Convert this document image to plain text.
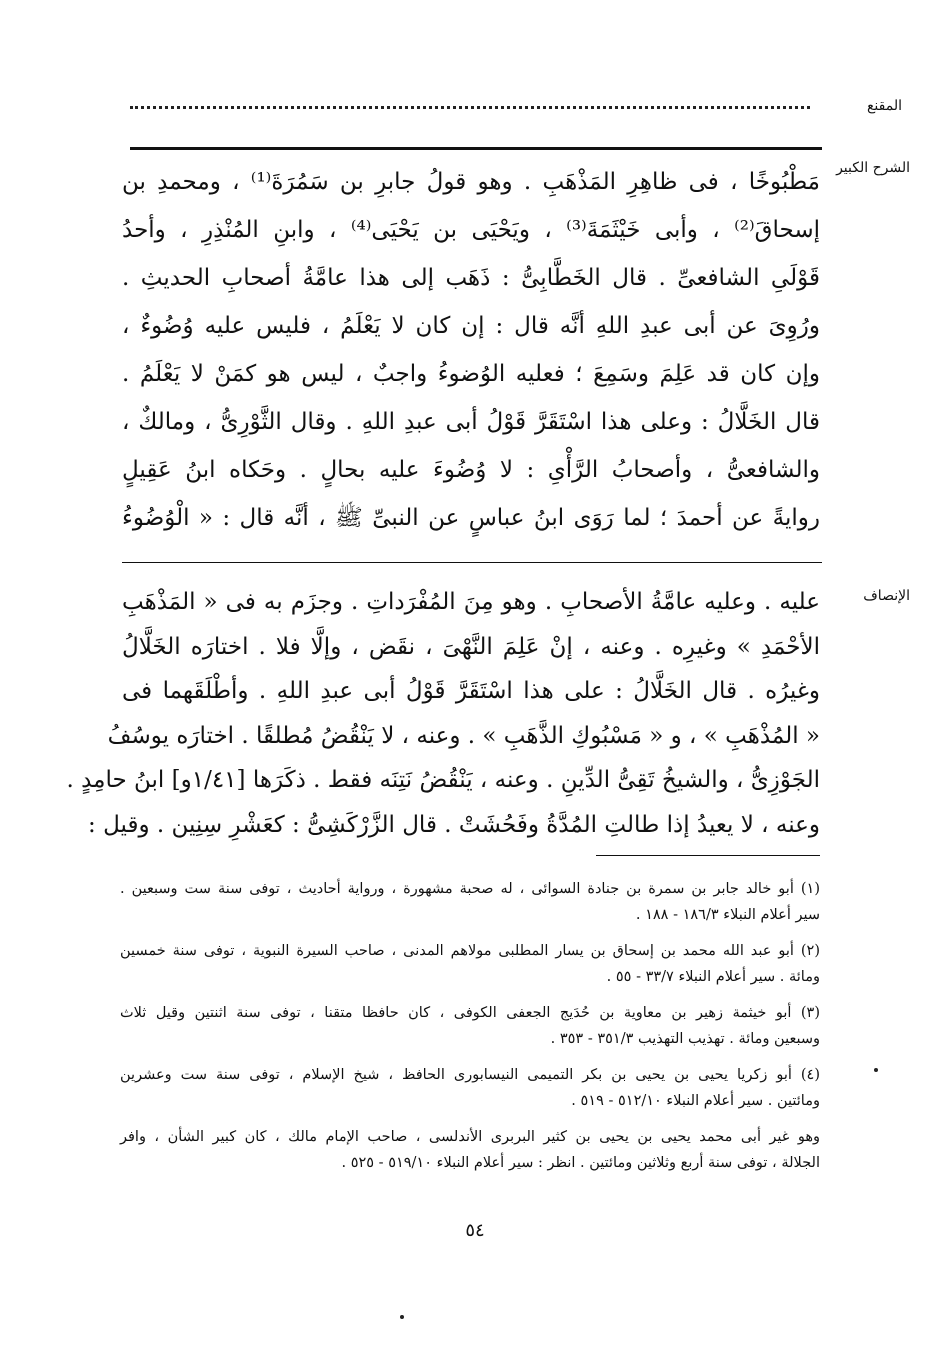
المقنع
الشرح الكبير
الإنصاف

مَطْبُوخًا ، فى ظاهِرِ المَذْهَبِ . وهو قولُ جابرِ بن سَمُرَةَ⁽¹⁾ ، ومحمدِ بن

إسحاقَ⁽²⁾ ، وأبى خَيْثَمَةَ⁽³⁾ ، ويَحْيَى بن يَحْيَى⁽⁴⁾ ، وابنِ المُنْذِرِ ، وأحدُ

قَوْلَىِ الشافعىِّ . قال الخَطَّابِىُّ : ذَهَب إلى هذا عامَّةُ أصحابِ الحديثِ .

ورُوِىَ عن أبى عبدِ اللهِ أنَّه قال : إن كان لا يَعْلَمُ ، فليس عليه وُضُوءٌ ،

وإن كان قد عَلِمَ وسَمِعَ ؛ فعليه الوُضوءُ واجبٌ ، ليس هو كمَنْ لا يَعْلَمُ .

قال الخَلَّالُ : وعلى هذا اسْتَقَرَّ قَوْلُ أبى عبدِ اللهِ . وقال الثَّوْرِىُّ ، ومالكٌ ،

والشافعىُّ ، وأصحابُ الرَّأْىِ : لا وُضُوءَ عليه بحالٍ . وحَكاه ابنُ عَقِيلٍ

روايةً عن أحمدَ ؛ لما رَوَى ابنُ عباسٍ عن النبىِّ ﷺ ، أنَّه قال : « الْوُضُوءُ

عليه . وعليه عامَّةُ الأصحابِ . وهو مِنَ المُفْرَداتِ . وجزَم به فى « المَذْهَبِ

الأحْمَدِ » وغيرِه . وعنه ، إنْ عَلِمَ النَّهْىَ ، نقَض ، وإلَّا فلا . اختارَه الخَلَّالُ

وغيرُه . قال الخَلَّالُ : على هذا اسْتَقَرَّ قَوْلُ أبى عبدِ اللهِ . وأطْلَقَهما فى

« المُذْهَبِ » ، و « مَسْبُوكِ الذَّهَبِ » . وعنه ، لا يَنْقُضُ مُطلقًا . اختارَه يوسُفُ

الجَوْزِىُّ ، والشيخُ تَقِىُّ الدِّينِ . وعنه ، يَنْقُضُ نَتِنَه فقط . ذكَرَها [١/٤١و] ابنُ حامِدٍ .

وعنه ، لا يعيدُ إذا طالتِ المُدَّةُ وفَحُشَتْ . قال الزَّرْكَشِىُّ : كعَشْرِ سِنِين . وقيل :

(١) أبو خالد جابر بن سمرة بن جنادة السوائى ، له صحبة مشهورة ، ورواية أحاديث ، توفى سنة ست وسبعين .

سير أعلام النبلاء ١٨٦/٣ - ١٨٨ .

(٢) أبو عبد الله محمد بن إسحاق بن يسار المطلبى مولاهم المدنى ، صاحب السيرة النبوية ، توفى سنة خمسين

ومائة . سير أعلام النبلاء ٣٣/٧ - ٥٥ .

(٣) أبو خيثمة زهير بن معاوية بن حُدَيج الجعفى الكوفى ، كان حافظا متقنا ، توفى سنة اثنتين وقيل ثلاث

وسبعين ومائة . تهذيب التهذيب ٣٥١/٣ - ٣٥٣ .

(٤) أبو زكريا يحيى بن يحيى بن بكر التميمى النيسابورى الحافظ ، شيخ الإسلام ، توفى سنة ست وعشرين

ومائتين . سير أعلام النبلاء ٥١٢/١٠ - ٥١٩ .

وهو غير أبى محمد يحيى بن يحيى بن كثير البربرى الأندلسى ، صاحب الإمام مالك ، كان كبير الشأن ، وافر

الجلالة ، توفى سنة أربع وثلاثين ومائتين . انظر : سير أعلام النبلاء ٥١٩/١٠ - ٥٢٥ .

٥٤
